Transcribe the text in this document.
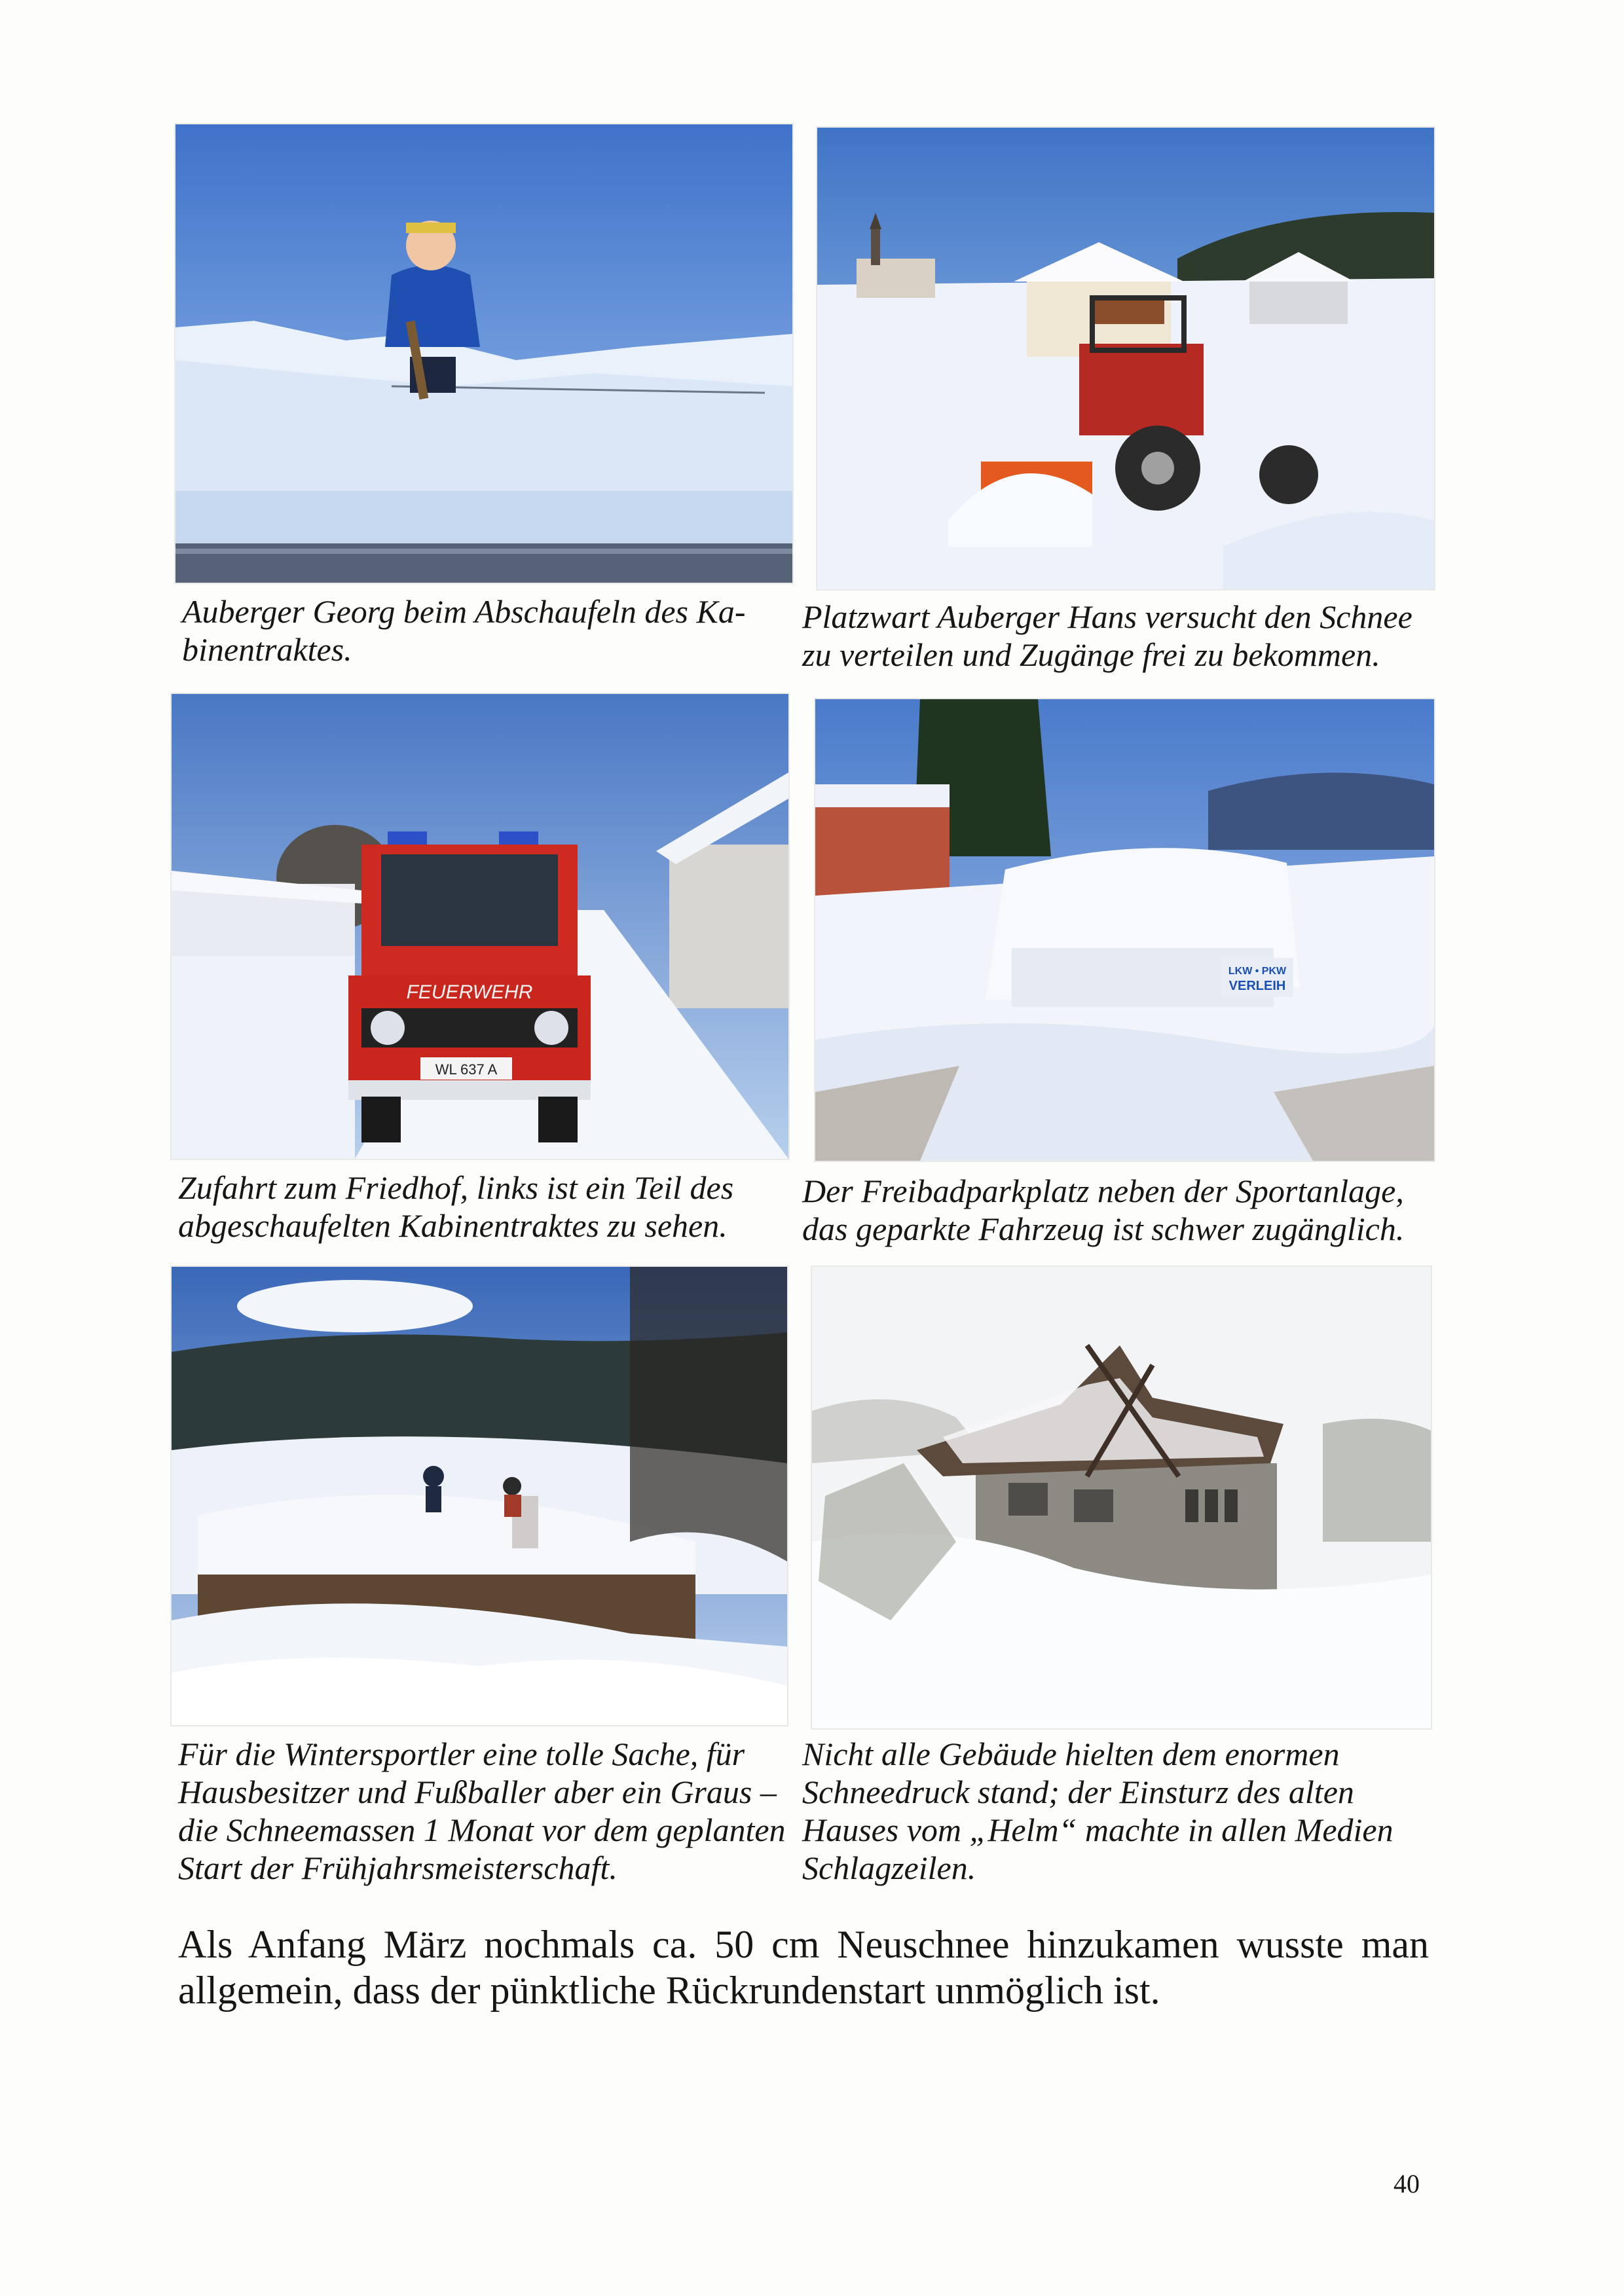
Auberger Georg beim Abschaufeln des Ka-
binentraktes.
Platzwart Auberger Hans versucht den Schnee
zu verteilen und Zugänge frei zu bekommen.
FEUERWEHR
WL 637 A
Zufahrt zum Friedhof, links ist ein Teil des
abgeschaufelten Kabinentraktes zu sehen.
LKW • PKW
VERLEIH
Der Freibadparkplatz neben der Sportanlage,
das geparkte Fahrzeug ist schwer zugänglich.
Für die Wintersportler eine tolle Sache, für
Hausbesitzer und Fußballer aber ein Graus –
die Schneemassen 1 Monat vor dem geplanten
Start der Frühjahrsmeisterschaft.
Nicht alle Gebäude hielten dem enormen
Schneedruck stand; der Einsturz des alten
Hauses vom „Helm“ machte in allen Medien
Schlagzeilen.
Als Anfang März nochmals ca. 50 cm Neuschnee hinzukamen wusste man
allgemein, dass der pünktliche Rückrundenstart unmöglich ist.
40
